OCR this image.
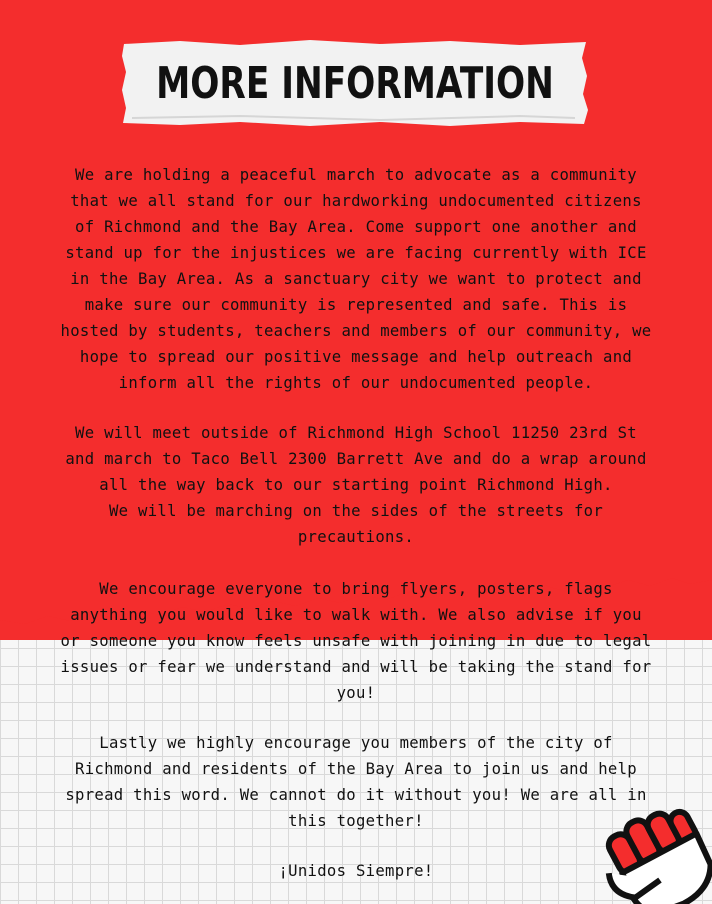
MORE INFORMATION

We are holding a peaceful march to advocate as a community
that we all stand for our hardworking undocumented citizens
of Richmond and the Bay Area. Come support one another and
stand up for the injustices we are facing currently with ICE
in the Bay Area. As a sanctuary city we want to protect and
make sure our community is represented and safe. This is
hosted by students, teachers and members of our community, we
hope to spread our positive message and help outreach and
inform all the rights of our undocumented people.

We will meet outside of Richmond High School 11250 23rd St
and march to Taco Bell 2300 Barrett Ave and do a wrap around
all the way back to our starting point Richmond High.
We will be marching on the sides of the streets for
precautions.

We encourage everyone to bring flyers, posters, flags
anything you would like to walk with. We also advise if you
or someone you know feels unsafe with joining in due to legal
issues or fear we understand and will be taking the stand for
you!

Lastly we highly encourage you members of the city of
Richmond and residents of the Bay Area to join us and help
spread this word. We cannot do it without you! We are all in
this together!

¡Unidos Siempre!
